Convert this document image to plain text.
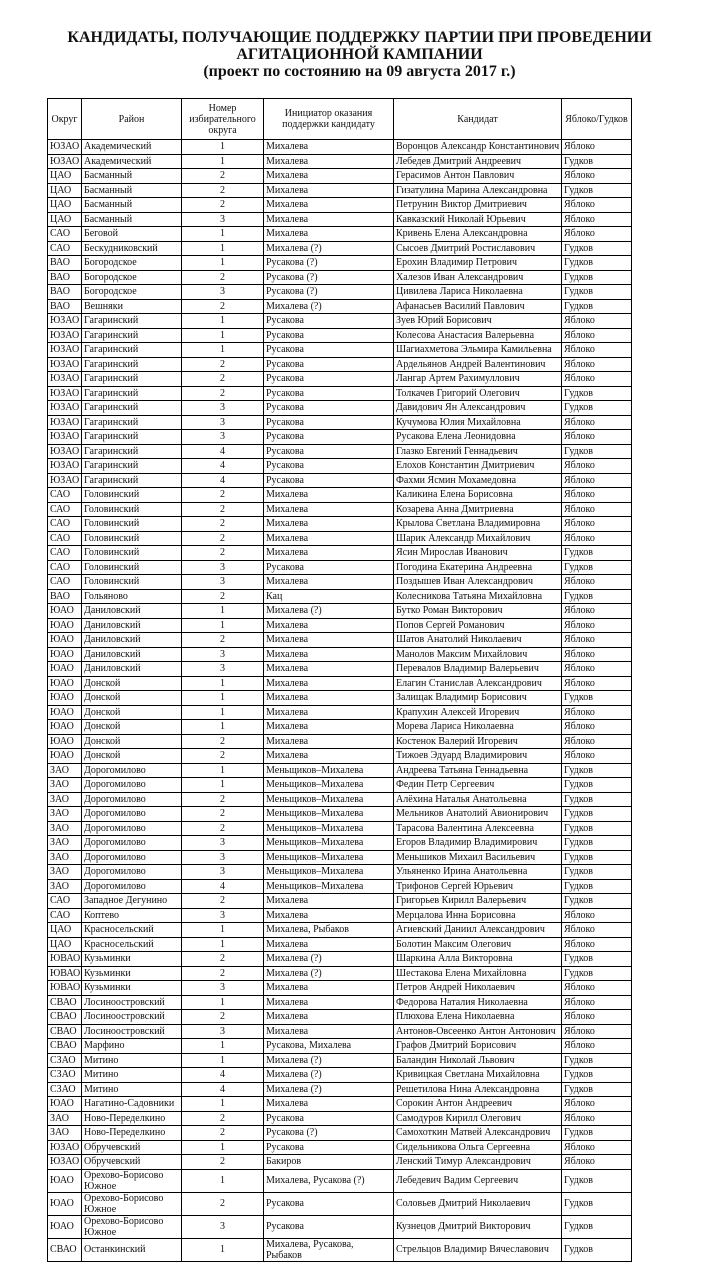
КАНДИДАТЫ, ПОЛУЧАЮЩИЕ ПОДДЕРЖКУ ПАРТИИ ПРИ ПРОВЕДЕНИИ
АГИТАЦИОННОЙ КАМПАНИИ
(проект по состоянию на 09 августа 2017 г.)
Округ	Район	Номер избирательного округа	Инициатор оказания поддержки кандидату	Кандидат	Яблоко/Гудков
ЮЗАО	Академический	1	Михалева	Воронцов Александр Константинович	Яблоко
ЮЗАО	Академический	1	Михалева	Лебедев Дмитрий Андреевич	Гудков
ЦАО	Басманный	2	Михалева	Герасимов Антон Павлович	Яблоко
ЦАО	Басманный	2	Михалева	Гизатулина Марина Александровна	Гудков
ЦАО	Басманный	2	Михалева	Петрунин Виктор Дмитриевич	Яблоко
ЦАО	Басманный	3	Михалева	Кавказский Николай Юрьевич	Яблоко
САО	Беговой	1	Михалева	Кривень Елена Александровна	Яблоко
САО	Бескудниковский	1	Михалева (?)	Сысоев Дмитрий Ростиславович	Гудков
ВАО	Богородское	1	Русакова (?)	Ерохин Владимир Петрович	Гудков
ВАО	Богородское	2	Русакова (?)	Халезов Иван Александрович	Гудков
ВАО	Богородское	3	Русакова (?)	Цивилева Лариса Николаевна	Гудков
ВАО	Вешняки	2	Михалева (?)	Афанасьев Василий Павлович	Гудков
ЮЗАО	Гагаринский	1	Русакова	Зуев Юрий Борисович	Яблоко
ЮЗАО	Гагаринский	1	Русакова	Колесова Анастасия Валерьевна	Яблоко
ЮЗАО	Гагаринский	1	Русакова	Шагиахметова Эльмира Камильевна	Яблоко
ЮЗАО	Гагаринский	2	Русакова	Ардельянов Андрей Валентинович	Яблоко
ЮЗАО	Гагаринский	2	Русакова	Лангар Артем Рахимуллович	Яблоко
ЮЗАО	Гагаринский	2	Русакова	Толкачев Григорий Олегович	Гудков
ЮЗАО	Гагаринский	3	Русакова	Давидович Ян Александрович	Гудков
ЮЗАО	Гагаринский	3	Русакова	Кучумова Юлия Михайловна	Яблоко
ЮЗАО	Гагаринский	3	Русакова	Русакова Елена Леонидовна	Яблоко
ЮЗАО	Гагаринский	4	Русакова	Глазко Евгений Геннадьевич	Гудков
ЮЗАО	Гагаринский	4	Русакова	Елохов Константин Дмитриевич	Яблоко
ЮЗАО	Гагаринский	4	Русакова	Фахми Ясмин Мохамедовна	Яблоко
САО	Головинский	2	Михалева	Каликина Елена Борисовна	Яблоко
САО	Головинский	2	Михалева	Козарева Анна Дмитриевна	Яблоко
САО	Головинский	2	Михалева	Крылова Светлана Владимировна	Яблоко
САО	Головинский	2	Михалева	Шарик Александр Михайлович	Яблоко
САО	Головинский	2	Михалева	Ясин Мирослав Иванович	Гудков
САО	Головинский	3	Русакова	Погодина Екатерина Андреевна	Гудков
САО	Головинский	3	Михалева	Поздышев Иван Александрович	Яблоко
ВАО	Гольяново	2	Кац	Колесникова Татьяна Михайловна	Гудков
ЮАО	Даниловский	1	Михалева (?)	Бутко Роман Викторович	Яблоко
ЮАО	Даниловский	1	Михалева	Попов Сергей Романович	Яблоко
ЮАО	Даниловский	2	Михалева	Шатов Анатолий Николаевич	Яблоко
ЮАО	Даниловский	3	Михалева	Манолов Максим Михайлович	Яблоко
ЮАО	Даниловский	3	Михалева	Перевалов Владимир Валерьевич	Яблоко
ЮАО	Донской	1	Михалева	Елагин Станислав Александрович	Яблоко
ЮАО	Донской	1	Михалева	Залищак Владимир Борисович	Гудков
ЮАО	Донской	1	Михалева	Крапухин Алексей Игоревич	Яблоко
ЮАО	Донской	1	Михалева	Морева Лариса Николаевна	Яблоко
ЮАО	Донской	2	Михалева	Костенок Валерий Игоревич	Яблоко
ЮАО	Донской	2	Михалева	Тижоев Эдуард Владимирович	Яблоко
ЗАО	Дорогомилово	1	Меньщиков–Михалева	Андреева Татьяна Геннадьевна	Гудков
ЗАО	Дорогомилово	1	Меньщиков–Михалева	Федин Петр Сергеевич	Гудков
ЗАО	Дорогомилово	2	Меньщиков–Михалева	Алёхина Наталья Анатольевна	Гудков
ЗАО	Дорогомилово	2	Меньщиков–Михалева	Мельников Анатолий Авионирович	Гудков
ЗАО	Дорогомилово	2	Меньщиков–Михалева	Тарасова Валентина Алексеевна	Гудков
ЗАО	Дорогомилово	3	Меньщиков–Михалева	Егоров Владимир Владимирович	Гудков
ЗАО	Дорогомилово	3	Меньщиков–Михалева	Меньшиков Михаил Васильевич	Гудков
ЗАО	Дорогомилово	3	Меньщиков–Михалева	Ульяненко Ирина Анатольевна	Гудков
ЗАО	Дорогомилово	4	Меньщиков–Михалева	Трифонов Сергей Юрьевич	Гудков
САО	Западное Дегунино	2	Михалева	Григорьев Кирилл Валерьевич	Гудков
САО	Коптево	3	Михалева	Мерцалова Инна Борисовна	Яблоко
ЦАО	Красносельский	1	Михалева, Рыбаков	Агиевский Даниил Александрович	Яблоко
ЦАО	Красносельский	1	Михалева	Болотин Максим Олегович	Яблоко
ЮВАО	Кузьминки	2	Михалева (?)	Шаркина Алла Викторовна	Гудков
ЮВАО	Кузьминки	2	Михалева (?)	Шестакова Елена Михайловна	Гудков
ЮВАО	Кузьминки	3	Михалева	Петров Андрей Николаевич	Яблоко
СВАО	Лосиноостровский	1	Михалева	Федорова Наталия Николаевна	Яблоко
СВАО	Лосиноостровский	2	Михалева	Плюхова Елена Николаевна	Яблоко
СВАО	Лосиноостровский	3	Михалева	Антонов-Овсеенко Антон Антонович	Яблоко
СВАО	Марфино	1	Русакова, Михалева	Графов Дмитрий Борисович	Яблоко
СЗАО	Митино	1	Михалева (?)	Баландин Николай Львович	Гудков
СЗАО	Митино	4	Михалева (?)	Кривицкая Светлана Михайловна	Гудков
СЗАО	Митино	4	Михалева (?)	Решетилова Нина Александровна	Гудков
ЮАО	Нагатино-Садовники	1	Михалева	Сорокин Антон Андреевич	Яблоко
ЗАО	Ново-Переделкино	2	Русакова	Самодуров Кирилл Олегович	Яблоко
ЗАО	Ново-Переделкино	2	Русакова (?)	Самохоткин Матвей Александрович	Гудков
ЮЗАО	Обручевский	1	Русакова	Сидельникова Ольга Сергеевна	Яблоко
ЮЗАО	Обручевский	2	Бакиров	Ленский Тимур Александрович	Яблоко
ЮАО	Орехово-Борисово Южное	1	Михалева, Русакова (?)	Лебедевич Вадим Сергеевич	Гудков
ЮАО	Орехово-Борисово Южное	2	Русакова	Соловьев Дмитрий Николаевич	Гудков
ЮАО	Орехово-Борисово Южное	3	Русакова	Кузнецов Дмитрий Викторович	Гудков
СВАО	Останкинский	1	Михалева, Русакова, Рыбаков	Стрельцов Владимир Вячеславович	Гудков
